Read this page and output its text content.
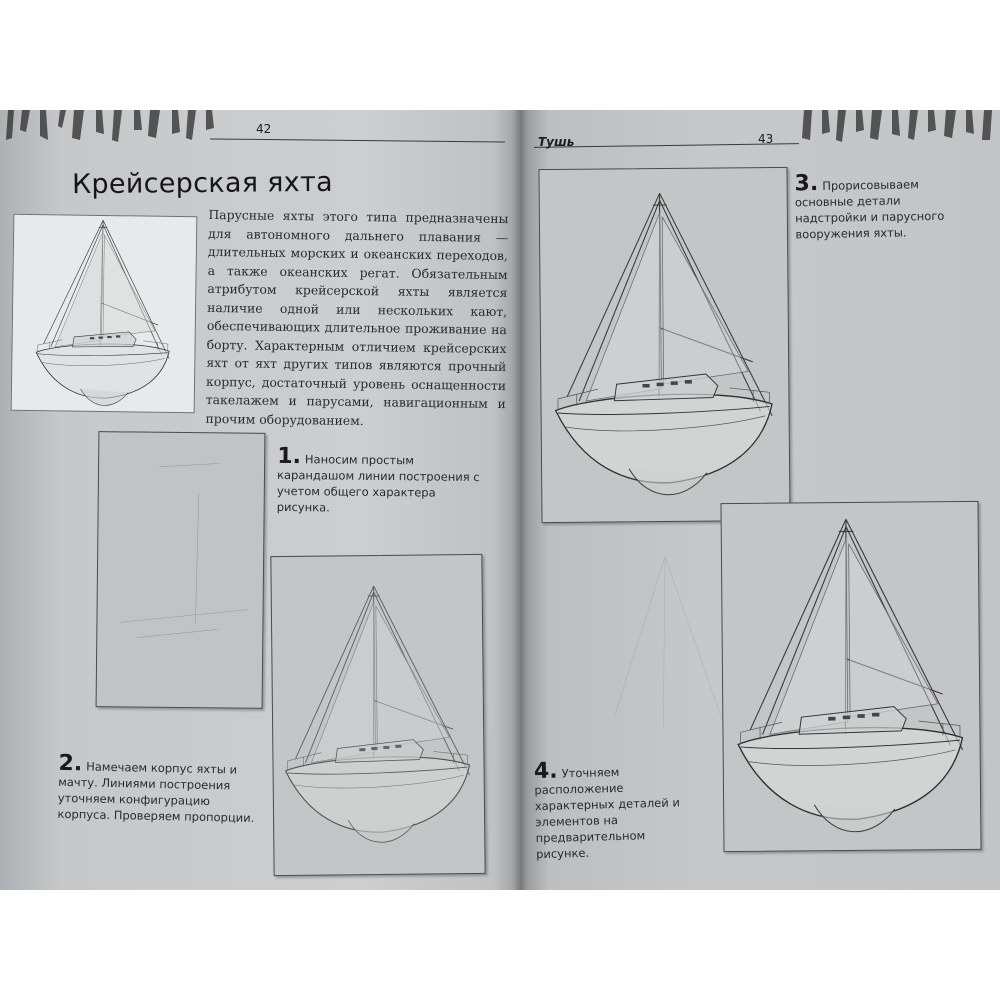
42
Крейсерская яхта

Парусные яхты этого типа предназначены для автономного дальнего плавания — длительных морских и океанских переходов, а также океанских регат. Обязательным атрибутом крейсерской яхты является наличие одной или нескольких кают, обеспечивающих длительное проживание на борту. Характерным отличием крейсерских яхт от яхт других типов являются прочный корпус, достаточный уровень оснащенности такелажем и парусами, навигационным и прочим оборудованием.

1. Наносим простым карандашом линии построения с учетом общего характера рисунка.

2. Намечаем корпус яхты и мачту. Линиями построения уточняем конфигурацию корпуса. Проверяем пропорции.

Тушь	43

3. Прорисовываем основные детали надстройки и парусного вооружения яхты.

4. Уточняем расположение характерных деталей и элементов на предварительном рисунке.
